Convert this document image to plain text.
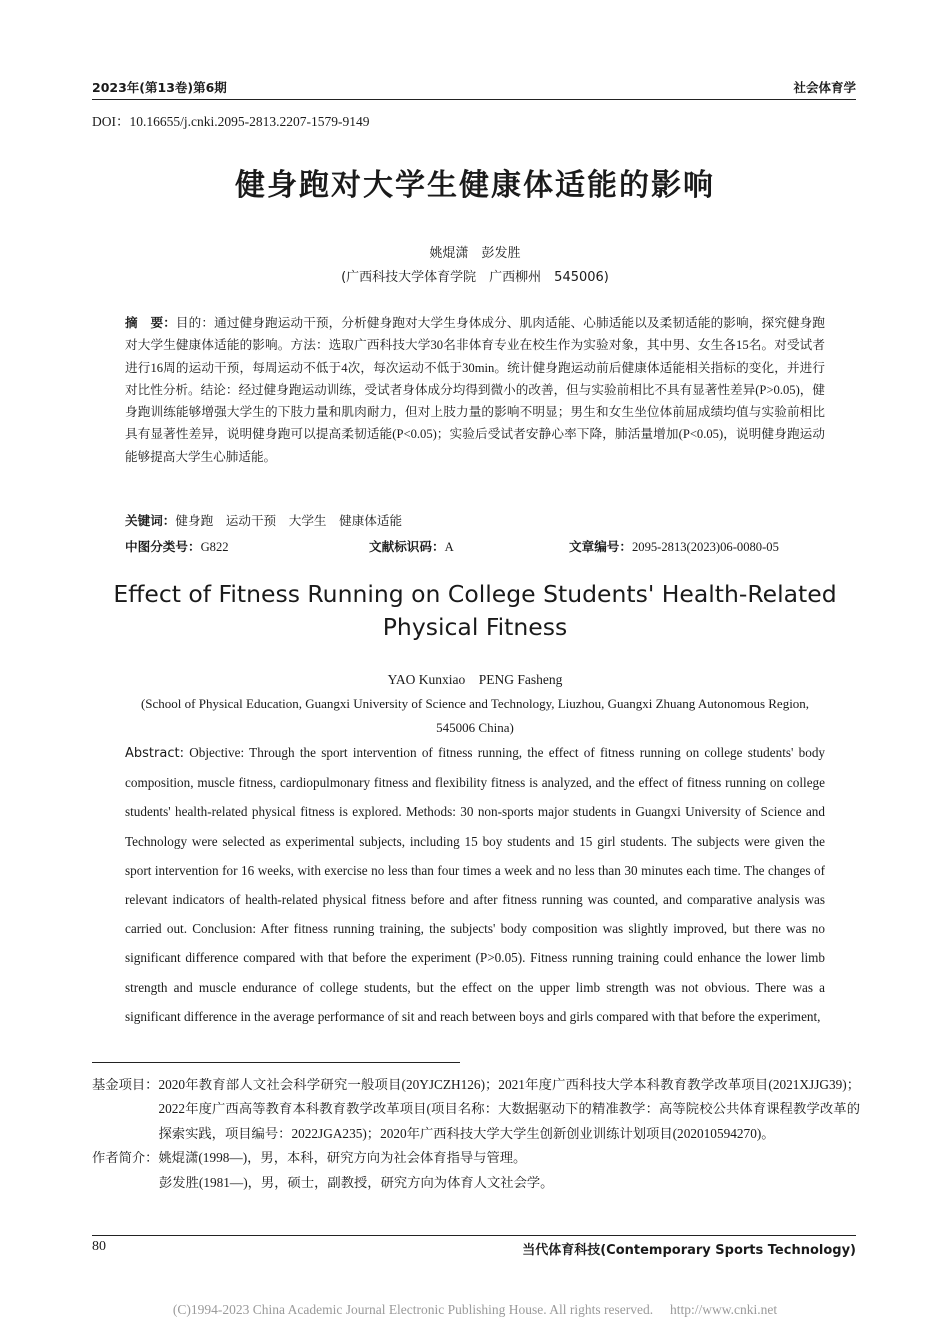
2023年(第13卷)第6期	社会体育学
DOI：10.16655/j.cnki.2095-2813.2207-1579-9149
健身跑对大学生健康体适能的影响
姚焜潇　彭发胜
(广西科技大学体育学院　广西柳州　545006)
摘　要：目的：通过健身跑运动干预，分析健身跑对大学生身体成分、肌肉适能、心肺适能以及柔韧适能的影响，探究健身跑对大学生健康体适能的影响。方法：选取广西科技大学30名非体育专业在校生作为实验对象，其中男、女生各15名。对受试者进行16周的运动干预，每周运动不低于4次，每次运动不低于30min。统计健身跑运动前后健康体适能相关指标的变化，并进行对比性分析。结论：经过健身跑运动训练，受试者身体成分均得到微小的改善，但与实验前相比不具有显著性差异(P>0.05)，健身跑训练能够增强大学生的下肢力量和肌肉耐力，但对上肢力量的影响不明显；男生和女生坐位体前屈成绩均值与实验前相比具有显著性差异，说明健身跑可以提高柔韧适能(P<0.05)；实验后受试者安静心率下降，肺活量增加(P<0.05)，说明健身跑运动能够提高大学生心肺适能。
关键词：健身跑　运动干预　大学生　健康体适能
中图分类号：G822	文献标识码：A	文章编号：2095-2813(2023)06-0080-05
Effect of Fitness Running on College Students' Health-Related Physical Fitness
YAO Kunxiao　PENG Fasheng
(School of Physical Education, Guangxi University of Science and Technology, Liuzhou, Guangxi Zhuang Autonomous Region, 545006 China)
Abstract: Objective: Through the sport intervention of fitness running, the effect of fitness running on college students' body composition, muscle fitness, cardiopulmonary fitness and flexibility fitness is analyzed, and the effect of fitness running on college students' health-related physical fitness is explored. Methods: 30 non-sports major students in Guangxi University of Science and Technology were selected as experimental subjects, including 15 boy students and 15 girl students. The subjects were given the sport intervention for 16 weeks, with exercise no less than four times a week and no less than 30 minutes each time. The changes of relevant indicators of health-related physical fitness before and after fitness running was counted, and comparative analysis was carried out. Conclusion: After fitness running training, the subjects' body composition was slightly improved, but there was no significant difference compared with that before the experiment (P>0.05). Fitness running training could enhance the lower limb strength and muscle endurance of college students, but the effect on the upper limb strength was not obvious. There was a significant difference in the average performance of sit and reach between boys and girls compared with that before the experiment,
基金项目： 2020年教育部人文社会科学研究一般项目(20YJCZH126)；2021年度广西科技大学本科教育教学改革项目(2021XJJG39)；2022年度广西高等教育本科教育教学改革项目(项目名称：大数据驱动下的精准教学：高等院校公共体育课程教学改革的探索实践，项目编号：2022JGA235)；2020年广西科技大学大学生创新创业训练计划项目(202010594270)。
作者简介： 姚焜潇(1998—)，男，本科，研究方向为社会体育指导与管理。
彭发胜(1981—)，男，硕士，副教授，研究方向为体育人文社会学。
80	当代体育科技(Contemporary Sports Technology)
(C)1994-2023 China Academic Journal Electronic Publishing House. All rights reserved.　 http://www.cnki.net
